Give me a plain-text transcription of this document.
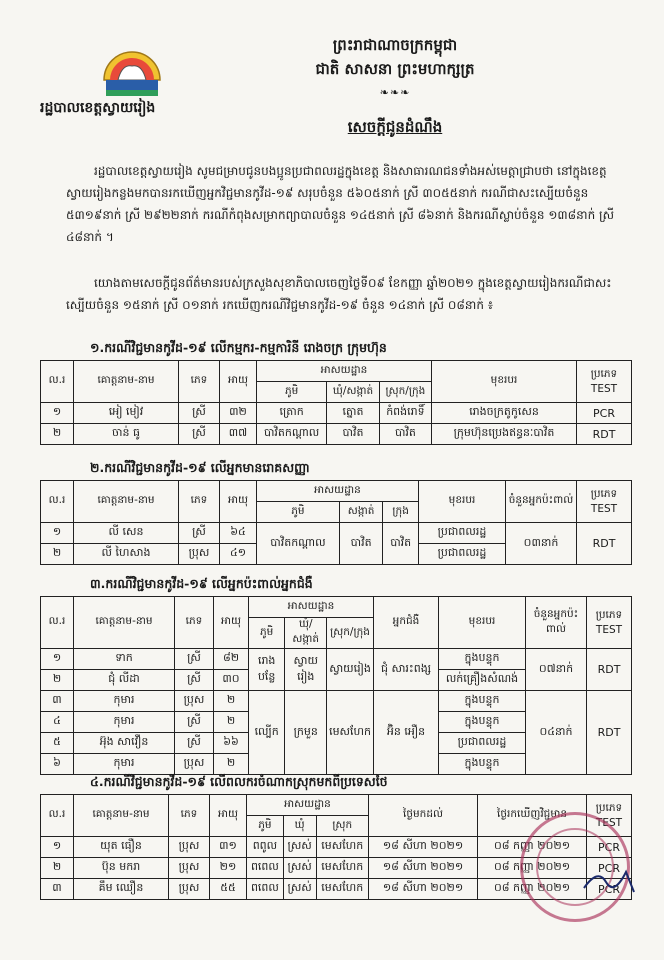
ព្រះរាជាណាចក្រកម្ពុជា
ជាតិ សាសនា ព្រះមហាក្សត្រ
❧❧❧
រដ្ឋបាលខេត្តស្វាយរៀង
សេចក្ដីជូនដំណឹង
រដ្ឋបាលខេត្តស្វាយរៀង សូមជម្រាបជូនបងប្អូនប្រជាពលរដ្ឋក្នុងខេត្ត និងសាធារណជនទាំងអស់មេត្តាជ្រាបថា នៅក្នុងខេត្តស្វាយរៀងកន្លងមកបានរកឃើញអ្នកវិជ្ជមានកូវីដ-១៩ សរុបចំនួន ៥៦០៥នាក់ ស្រី ៣០៥៥នាក់ ករណីជាសះស្បើយចំនួន ៥៣១៩នាក់ ស្រី ២៩២២នាក់ ករណីកំពុងសម្រាកព្យាបាលចំនួន ១៤៥នាក់ ស្រី ៨៦នាក់ និងករណីស្លាប់ចំនួន ១៣៨នាក់ ស្រី ៤៨នាក់ ។
យោងតាមសេចក្ដីជូនព័ត៌មានរបស់ក្រសួងសុខាភិបាលចេញថ្ងៃទី០៩ ខែកញ្ញា ឆ្នាំ២០២១ ក្នុងខេត្តស្វាយរៀងករណីជាសះស្បើយចំនួន ១៥នាក់ ស្រី ០១នាក់ រកឃើញករណីវិជ្ជមានកូវីដ-១៩ ចំនួន ១៤នាក់ ស្រី ០៨នាក់ ៖
១.ករណីវិជ្ជមានកូវីដ-១៩ លើកម្មករ-កម្មការិនី រោងចក្រ ក្រុមហ៊ុន
ល.រ	គោត្តនាម-នាម	ភេទ	អាយុ	អាសយដ្ឋាន			មុខរបរ	ប្រភេទ TEST
				ភូមិ	ឃុំ/សង្កាត់	ស្រុក/ក្រុង		
១	អៀ មៀវ	ស្រី	៣២	ត្រោក	ត្នោត	កំពង់រោទិ៍	រោងចក្រតូកូសេន	PCR
២	ចាន់ ធូ	ស្រី	៣៧	បាវិតកណ្ដាល	បាវិត	បាវិត	ក្រុមហ៊ុនប្រេងឥន្ធនៈបាវិត	RDT
២.ករណីវិជ្ជមានកូវីដ-១៩ លើអ្នកមានរោគសញ្ញា
ល.រ	គោត្តនាម-នាម	ភេទ	អាយុ	អាសយដ្ឋាន			មុខរបរ	ចំនួនអ្នកប៉ះពាល់	ប្រភេទ TEST
				ភូមិ	សង្កាត់	ក្រុង			
១	លី សេន	ស្រី	៦៤	បាវិតកណ្ដាល	បាវិត	បាវិត	ប្រជាពលរដ្ឋ	០៣នាក់	RDT
២	លី ហៃសាង	ប្រុស	៤១				ប្រជាពលរដ្ឋ		
៣.ករណីវិជ្ជមានកូវីដ-១៩ លើអ្នកប៉ះពាល់អ្នកជំងឺ
ល.រ	គោត្តនាម-នាម	ភេទ	អាយុ	អាសយដ្ឋាន			អ្នកជំងឺ	មុខរបរ	ចំនួនអ្នកប៉ះពាល់	ប្រភេទ TEST
				ភូមិ	ឃុំ/សង្កាត់	ស្រុក/ក្រុង				
១	ទាក	ស្រី	៨២	រោងបន្លែ	ស្វាយរៀង	ស្វាយរៀង	ជុំ សារះពង្ស	ក្នុងបន្ទុក	០៧នាក់	RDT
២	ជុំ លីដា	ស្រី	៣០					លក់គ្រឿងសំណង់		
៣	កុមារ	ប្រុស	២	ល្បើក	ក្រមួន	មេសហែក	អ៊ិន អឿន	ក្នុងបន្ទុក	០៤នាក់	RDT
៤	កុមារ	ស្រី	២					ក្នុងបន្ទុក		
៥	អ៊ុង សាវឿន	ស្រី	៦៦					ប្រជាពលរដ្ឋ		
៦	កុមារ	ប្រុស	២					ក្នុងបន្ទុក		
៤.ករណីវិជ្ជមានកូវីដ-១៩ លើពលករចំណាកស្រុកមកពីប្រទេសថៃ
ល.រ	គោត្តនាម-នាម	ភេទ	អាយុ	អាសយដ្ឋាន			ថ្ងៃមកដល់	ថ្ងៃរកឃើញវិជ្ជមាន	ប្រភេទ TEST
				ភូមិ	ឃុំ	ស្រុក			
១	យុត ធឿន	ប្រុស	៣១	ពពូល	ស្រស់	មេសហែក	១៨ សីហា ២០២១	០៨ កញ្ញា ២០២១	PCR
២	ប៊ុន មករា	ប្រុស	២១	ពពេល	ស្រស់	មេសហែក	១៨ សីហា ២០២១	០៨ កញ្ញា ២០២១	PCR
៣	គឹម ឈឿន	ប្រុស	៥៥	ពពេល	ស្រស់	មេសហែក	១៨ សីហា ២០២១	០៨ កញ្ញា ២០២១	PCR
